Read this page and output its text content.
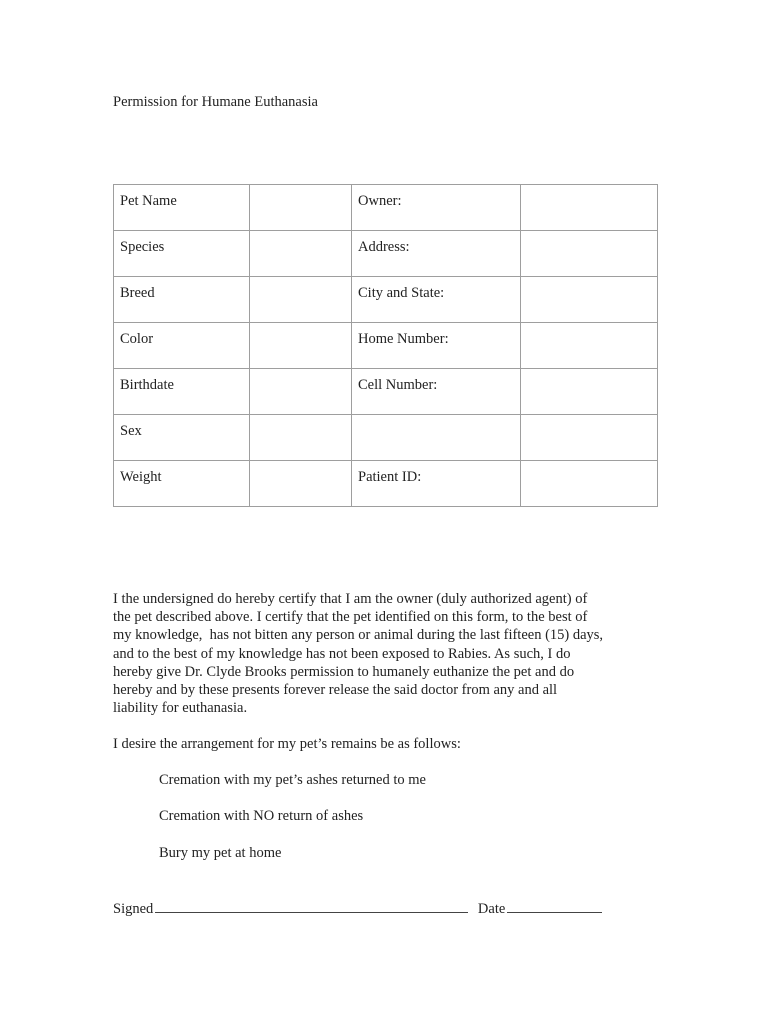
Permission for Humane Euthanasia
Pet Name		Owner:	
Species		Address:	
Breed		City and State:	
Color		Home Number:	
Birthdate		Cell Number:	
Sex			
Weight		Patient ID:	
I the undersigned do hereby certify that I am the owner (duly authorized agent) of
the pet described above. I certify that the pet identified on this form, to the best of
my knowledge,  has not bitten any person or animal during the last fifteen (15) days,
and to the best of my knowledge has not been exposed to Rabies. As such, I do
hereby give Dr. Clyde Brooks permission to humanely euthanize the pet and do
hereby and by these presents forever release the said doctor from any and all
liability for euthanasia.
I desire the arrangement for my pet’s remains be as follows:
Cremation with my pet’s ashes returned to me
Cremation with NO return of ashes
Bury my pet at home
Signed	Date
